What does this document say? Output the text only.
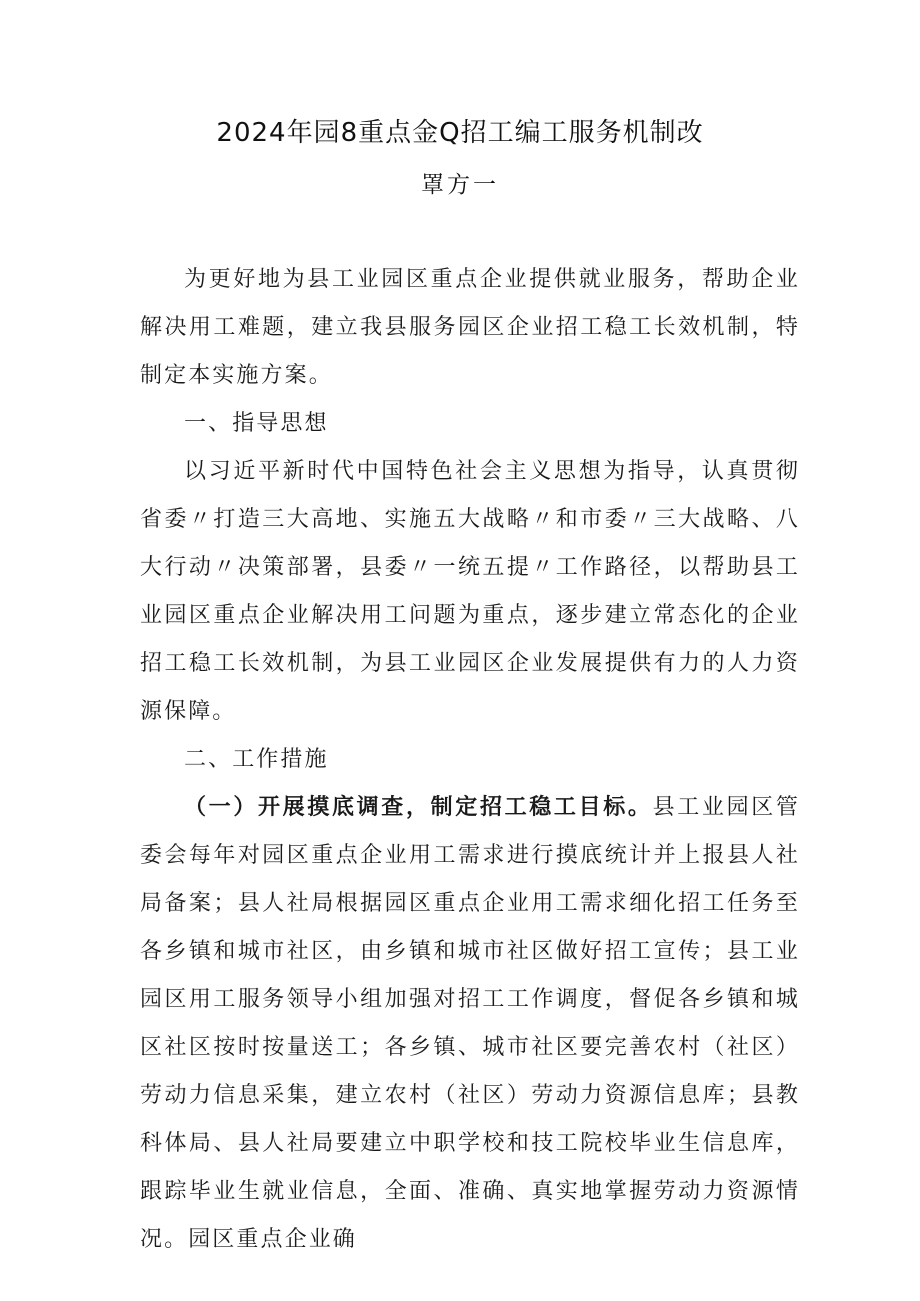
2024年园8重点金Q招工编工服务机制改
罩方一

为更好地为县工业园区重点企业提供就业服务，帮助企业解决用工难题，建立我县服务园区企业招工稳工长效机制，特制定本实施方案。

一、指导思想

以习近平新时代中国特色社会主义思想为指导，认真贯彻省委〃打造三大高地、实施五大战略〃和市委〃三大战略、八大行动〃决策部署，县委〃一统五提〃工作路径，以帮助县工业园区重点企业解决用工问题为重点，逐步建立常态化的企业招工稳工长效机制，为县工业园区企业发展提供有力的人力资源保障。

二、工作措施

（一）开展摸底调查，制定招工稳工目标。县工业园区管委会每年对园区重点企业用工需求进行摸底统计并上报县人社局备案；县人社局根据园区重点企业用工需求细化招工任务至各乡镇和城市社区，由乡镇和城市社区做好招工宣传；县工业园区用工服务领导小组加强对招工工作调度，督促各乡镇和城区社区按时按量送工；各乡镇、城市社区要完善农村（社区）劳动力信息采集，建立农村（社区）劳动力资源信息库；县教科体局、县人社局要建立中职学校和技工院校毕业生信息库，跟踪毕业生就业信息，全面、准确、真实地掌握劳动力资源情况。园区重点企业确
